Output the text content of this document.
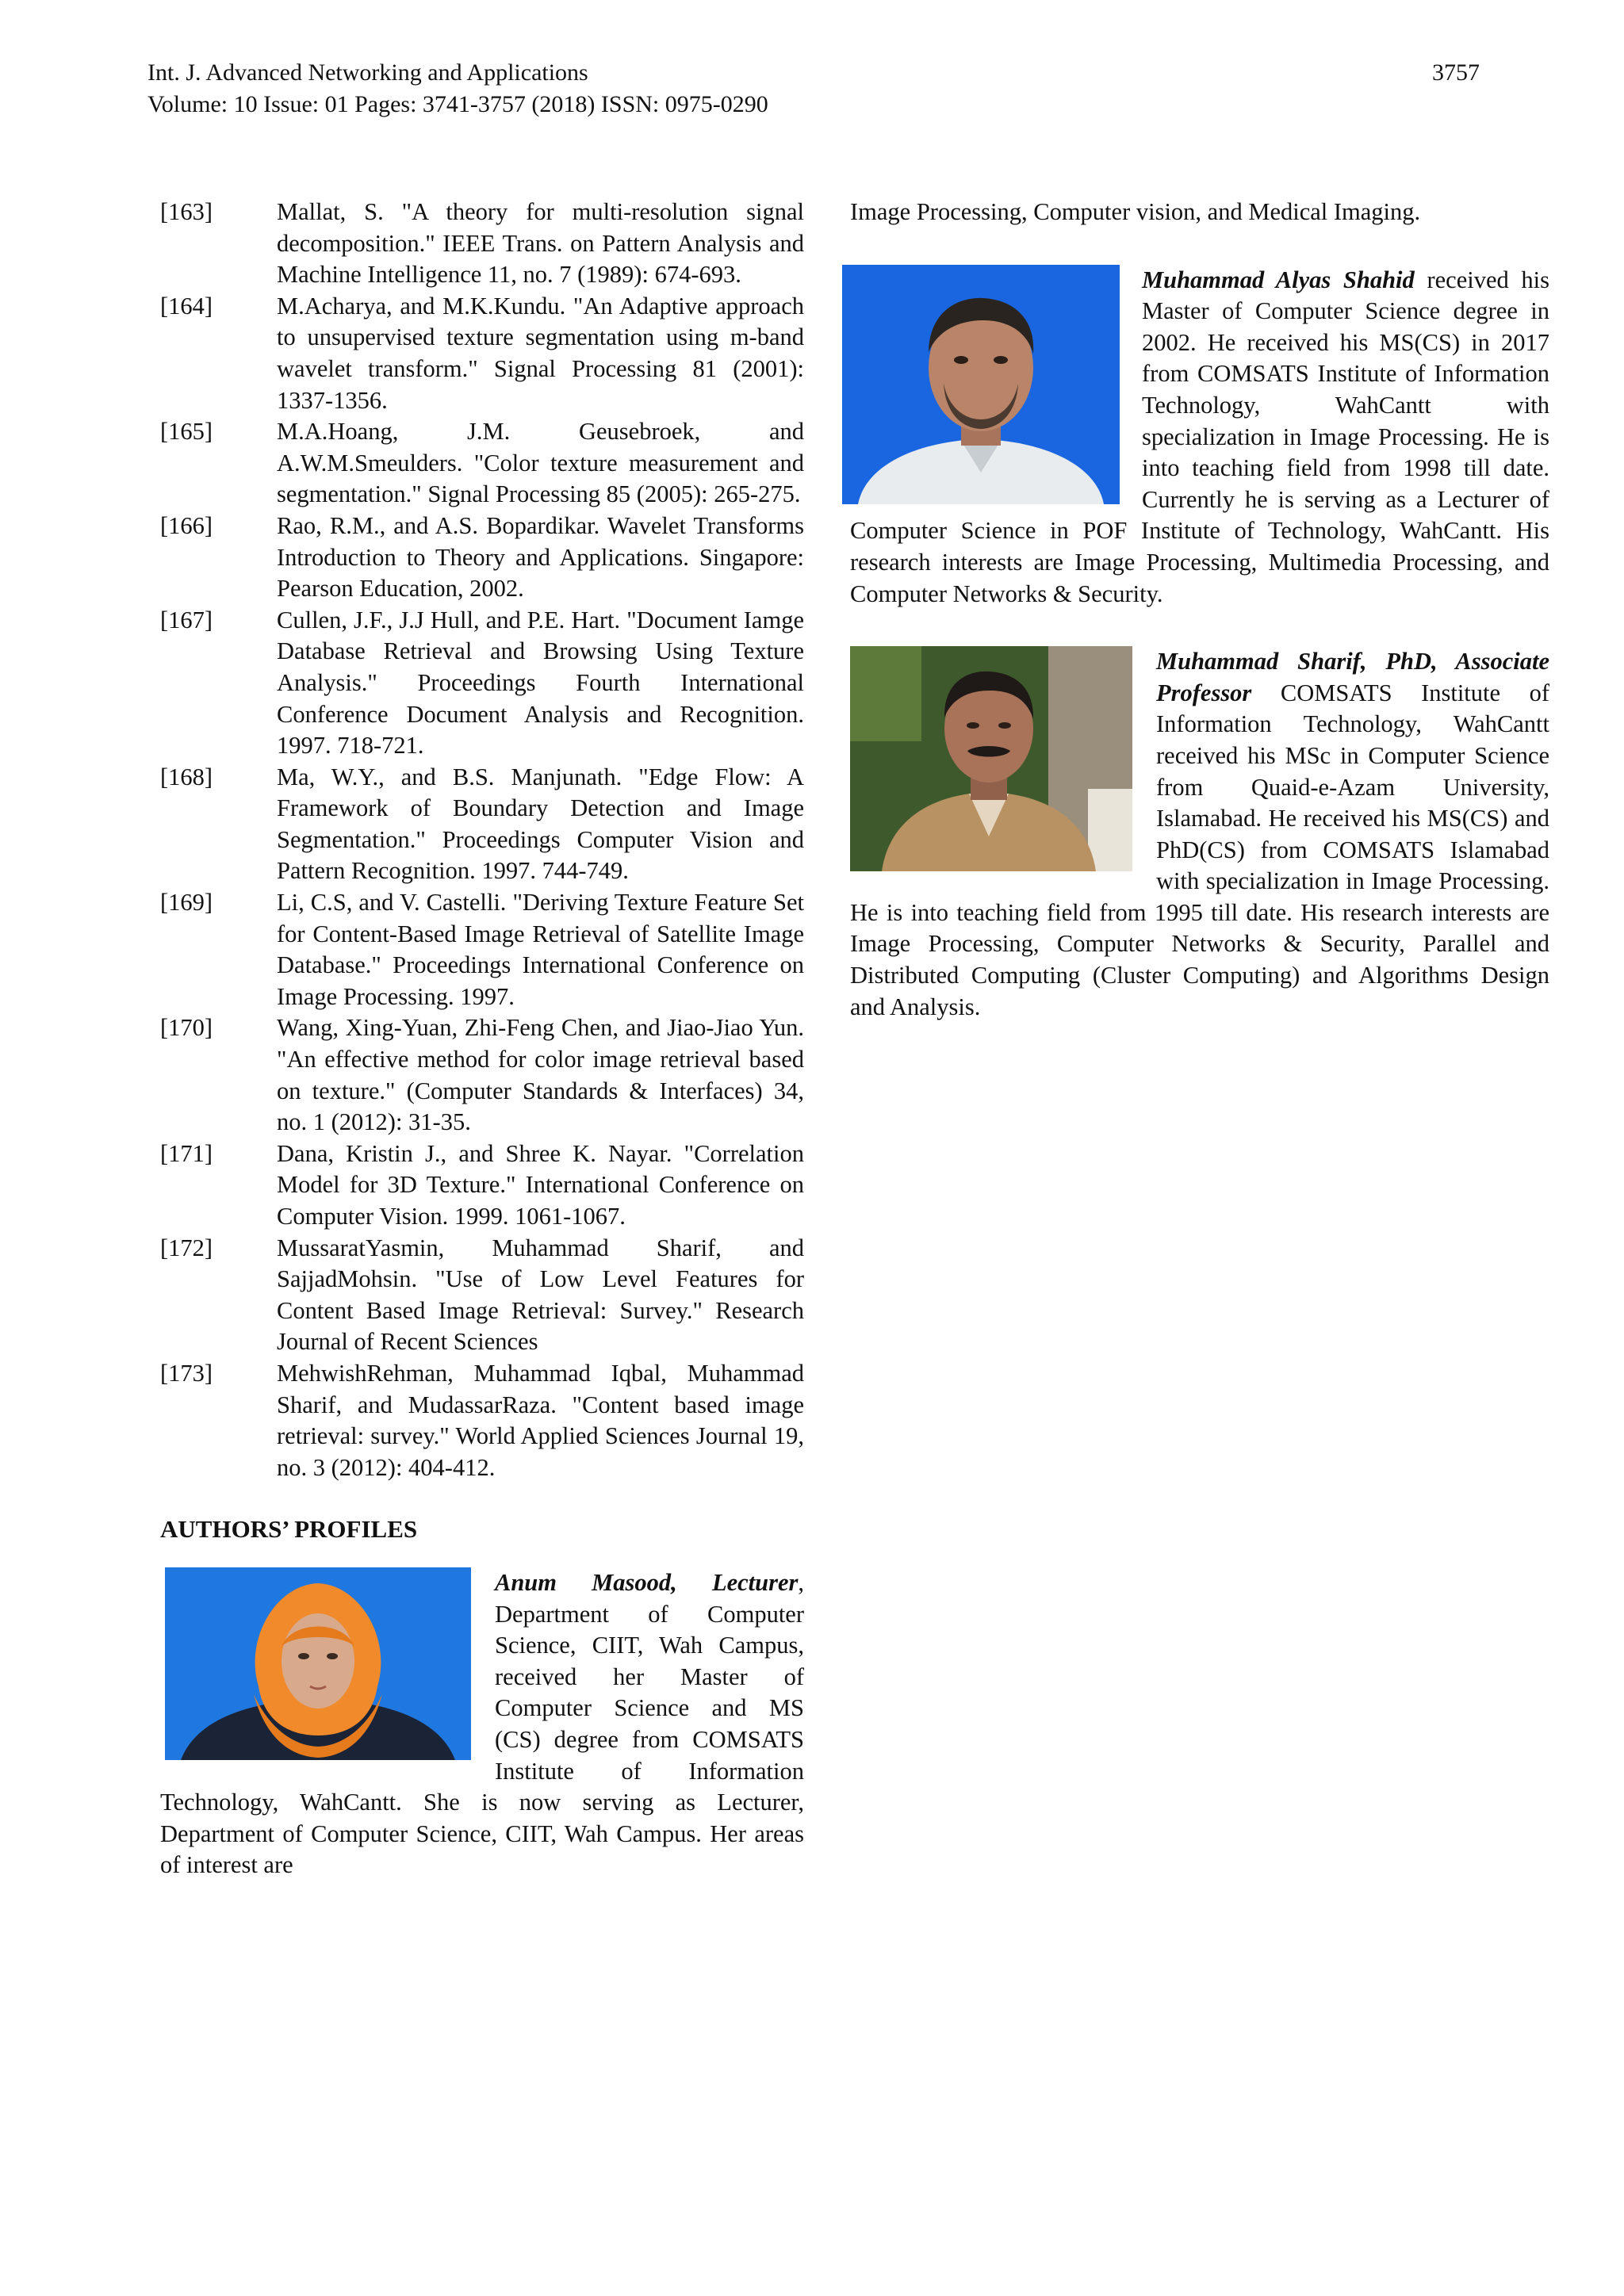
Int. J. Advanced Networking and Applications
Volume: 10 Issue: 01 Pages: 3741-3757 (2018) ISSN: 0975-0290
3757
[163]	Mallat, S. "A theory for multi-resolution signal decomposition." IEEE Trans. on Pattern Analysis and Machine Intelligence 11, no. 7 (1989): 674-693.
[164]	M.Acharya, and M.K.Kundu. "An Adaptive approach to unsupervised texture segmentation using m-band wavelet transform." Signal Processing 81 (2001): 1337-1356.
[165]	M.A.Hoang, J.M. Geusebroek, and A.W.M.Smeulders. "Color texture measurement and segmentation." Signal Processing 85 (2005): 265-275.
[166]	Rao, R.M., and A.S. Bopardikar. Wavelet Transforms Introduction to Theory and Applications. Singapore: Pearson Education, 2002.
[167]	Cullen, J.F., J.J Hull, and P.E. Hart. "Document Iamge Database Retrieval and Browsing Using Texture Analysis." Proceedings Fourth International Conference Document Analysis and Recognition. 1997. 718-721.
[168]	Ma, W.Y., and B.S. Manjunath. "Edge Flow: A Framework of Boundary Detection and Image Segmentation." Proceedings Computer Vision and Pattern Recognition. 1997. 744-749.
[169]	Li, C.S, and V. Castelli. "Deriving Texture Feature Set for Content-Based Image Retrieval of Satellite Image Database." Proceedings International Conference on Image Processing. 1997.
[170]	Wang, Xing-Yuan, Zhi-Feng Chen, and Jiao-Jiao Yun. "An effective method for color image retrieval based on texture." (Computer Standards & Interfaces) 34, no. 1 (2012): 31-35.
[171]	Dana, Kristin J., and Shree K. Nayar. "Correlation Model for 3D Texture." International Conference on Computer Vision. 1999. 1061-1067.
[172]	MussaratYasmin, Muhammad Sharif, and SajjadMohsin. "Use of Low Level Features for Content Based Image Retrieval: Survey." Research Journal of Recent Sciences
[173]	MehwishRehman, Muhammad Iqbal, Muhammad Sharif, and MudassarRaza. "Content based image retrieval: survey." World Applied Sciences Journal 19, no. 3 (2012): 404-412.
AUTHORS’ PROFILES
Anum Masood, Lecturer, Department of Computer Science, CIIT, Wah Campus, received her Master of Computer Science and MS (CS) degree from COMSATS Institute of Information Technology, WahCantt. She is now serving as Lecturer, Department of Computer Science, CIIT, Wah Campus. Her areas of interest are
Image Processing, Computer vision, and Medical Imaging.
Muhammad Alyas Shahid received his Master of Computer Science degree in 2002. He received his MS(CS) in 2017 from COMSATS Institute of Information Technology, WahCantt with specialization in Image Processing. He is into teaching field from 1998 till date. Currently he is serving as a Lecturer of Computer Science in POF Institute of Technology, WahCantt. His research interests are Image Processing, Multimedia Processing, and Computer Networks & Security.
Muhammad Sharif, PhD, Associate Professor COMSATS Institute of Information Technology, WahCantt received his MSc in Computer Science from Quaid-e-Azam University, Islamabad. He received his MS(CS) and PhD(CS) from COMSATS Islamabad with specialization in Image Processing. He is into teaching field from 1995 till date. His research interests are Image Processing, Computer Networks & Security, Parallel and Distributed Computing (Cluster Computing) and Algorithms Design and Analysis.
